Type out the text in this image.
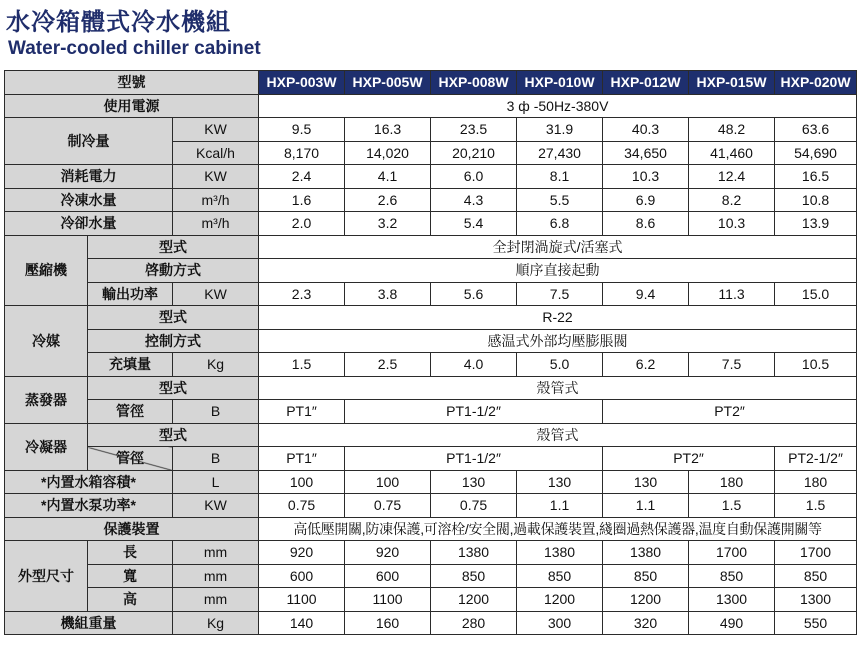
水冷箱體式冷水機組
Water-cooled chiller cabinet
型號			HXP-003W	HXP-005W	HXP-008W	HXP-010W	HXP-012W	HXP-015W	HXP-020W
使用電源			3 ф -50Hz-380V						
制冷量		KW	9.5	16.3	23.5	31.9	40.3	48.2	63.6
		Kcal/h	8,170	14,020	20,210	27,430	34,650	41,460	54,690
消耗電力		KW	2.4	4.1	6.0	8.1	10.3	12.4	16.5
冷凍水量		m³/h	1.6	2.6	4.3	5.5	6.9	8.2	10.8
冷卻水量		m³/h	2.0	3.2	5.4	6.8	8.6	10.3	13.9
壓縮機	型式		全封閉渦旋式/活塞式						
	啓動方式		順序直接起動						
	輸出功率	KW	2.3	3.8	5.6	7.5	9.4	11.3	15.0
冷媒	型式		R-22						
	控制方式		感温式外部均壓膨脹閥						
	充填量	Kg	1.5	2.5	4.0	5.0	6.2	7.5	10.5
蒸發器	型式		殼管式						
	管徑	B	PT1″	PT1-1/2″			PT2″		
冷凝器	型式		殼管式						
	管徑	B	PT1″	PT1-1/2″			PT2″		PT2-1/2″
*内置水箱容積*		L	100	100	130	130	130	180	180
*内置水泵功率*		KW	0.75	0.75	0.75	1.1	1.1	1.5	1.5
保護裝置			高低壓開關,防凍保護,可溶栓/安全閥,過載保護裝置,綫圈過熱保護器,温度自動保護開關等						
外型尺寸	長	mm	920	920	1380	1380	1380	1700	1700
	寬	mm	600	600	850	850	850	850	850
	高	mm	1100	1100	1200	1200	1200	1300	1300
機組重量		Kg	140	160	280	300	320	490	550
